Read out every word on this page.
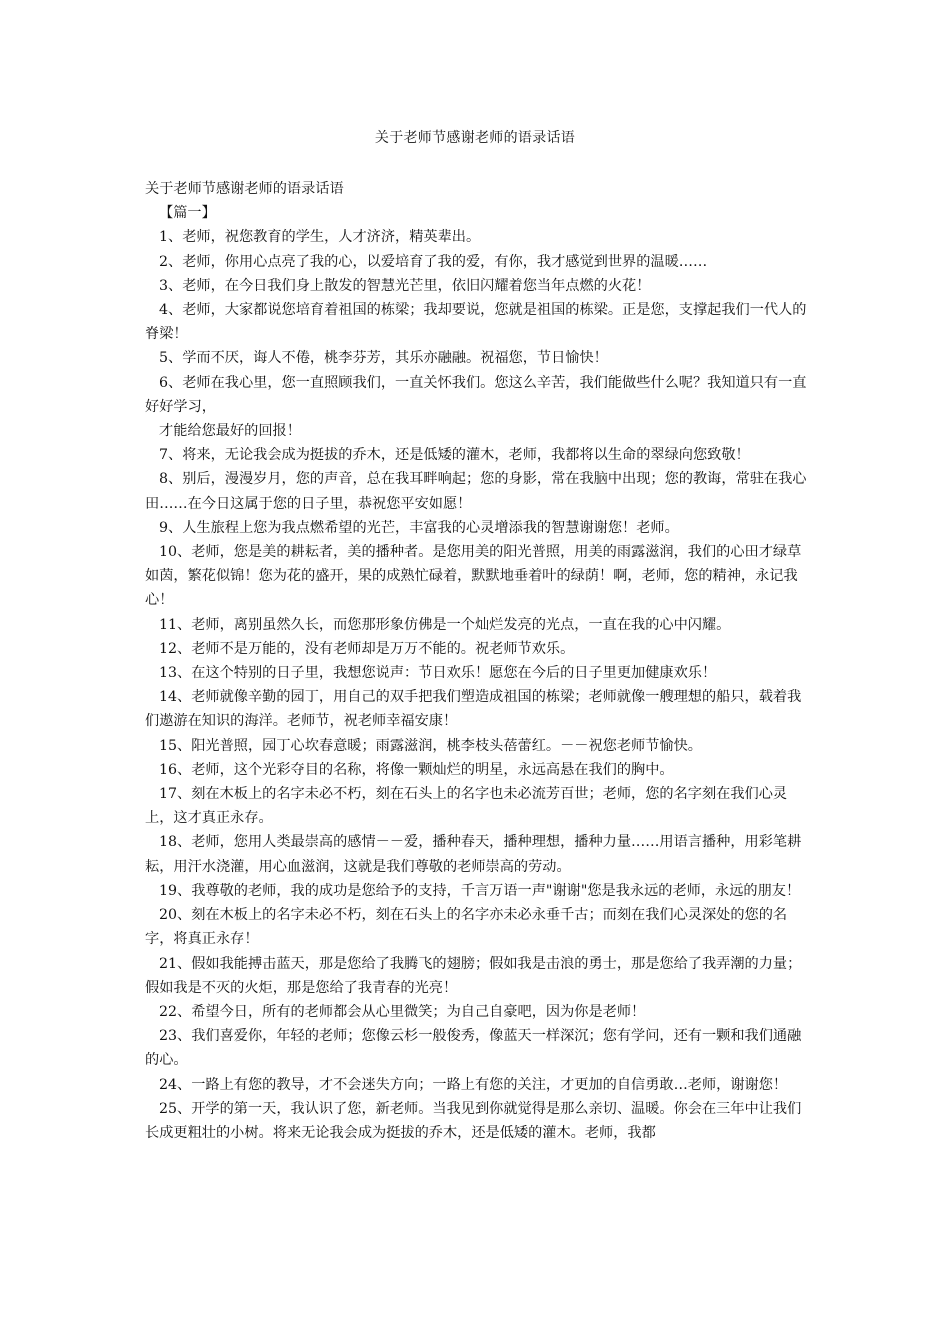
关于老师节感谢老师的语录话语

关于老师节感谢老师的语录话语

【篇一】

1、老师，祝您教育的学生，人才济济，精英辈出。

2、老师，你用心点亮了我的心，以爱培育了我的爱，有你，我才感觉到世界的温暖……

3、老师，在今日我们身上散发的智慧光芒里，依旧闪耀着您当年点燃的火花！

4、老师，大家都说您培育着祖国的栋梁；我却要说，您就是祖国的栋梁。正是您，支撑起我们一代人的脊梁！

5、学而不厌，诲人不倦，桃李芬芳，其乐亦融融。祝福您，节日愉快！

6、老师在我心里，您一直照顾我们，一直关怀我们。您这么辛苦，我们能做些什么呢？我知道只有一直好好学习，

才能给您最好的回报！

7、将来，无论我会成为挺拔的乔木，还是低矮的灌木，老师，我都将以生命的翠绿向您致敬！

8、别后，漫漫岁月，您的声音，总在我耳畔响起；您的身影，常在我脑中出现；您的教诲，常驻在我心田……在今日这属于您的日子里，恭祝您平安如愿！

9、人生旅程上您为我点燃希望的光芒，丰富我的心灵增添我的智慧谢谢您！老师。

10、老师，您是美的耕耘者，美的播种者。是您用美的阳光普照，用美的雨露滋润，我们的心田才绿草如茵，繁花似锦！您为花的盛开，果的成熟忙碌着，默默地垂着叶的绿荫！啊，老师，您的精神，永记我心！

11、老师，离别虽然久长，而您那形象仿佛是一个灿烂发亮的光点，一直在我的心中闪耀。

12、老师不是万能的，没有老师却是万万不能的。祝老师节欢乐。

13、在这个特别的日子里，我想您说声：节日欢乐！愿您在今后的日子里更加健康欢乐！

14、老师就像辛勤的园丁，用自己的双手把我们塑造成祖国的栋梁；老师就像一艘理想的船只，载着我们遨游在知识的海洋。老师节，祝老师幸福安康！

15、阳光普照，园丁心坎春意暖；雨露滋润，桃李枝头蓓蕾红。－－祝您老师节愉快。

16、老师，这个光彩夺目的名称，将像一颗灿烂的明星，永远高悬在我们的胸中。

17、刻在木板上的名字未必不朽，刻在石头上的名字也未必流芳百世；老师，您的名字刻在我们心灵上，这才真正永存。

18、老师，您用人类最崇高的感情－－爱，播种春天，播种理想，播种力量……用语言播种，用彩笔耕耘，用汗水浇灌，用心血滋润，这就是我们尊敬的老师崇高的劳动。

19、我尊敬的老师，我的成功是您给予的支持，千言万语一声"谢谢"您是我永远的老师，永远的朋友！

20、刻在木板上的名字未必不朽，刻在石头上的名字亦未必永垂千古；而刻在我们心灵深处的您的名字，将真正永存！

21、假如我能搏击蓝天，那是您给了我腾飞的翅膀；假如我是击浪的勇士，那是您给了我弄潮的力量；假如我是不灭的火炬，那是您给了我青春的光亮！

22、希望今日，所有的老师都会从心里微笑；为自己自豪吧，因为你是老师！

23、我们喜爱你，年轻的老师；您像云杉一般俊秀，像蓝天一样深沉；您有学问，还有一颗和我们通融的心。

24、一路上有您的教导，才不会迷失方向；一路上有您的关注，才更加的自信勇敢…老师，谢谢您！

25、开学的第一天，我认识了您，新老师。当我见到你就觉得是那么亲切、温暖。你会在三年中让我们长成更粗壮的小树。将来无论我会成为挺拔的乔木，还是低矮的灌木。老师，我都
